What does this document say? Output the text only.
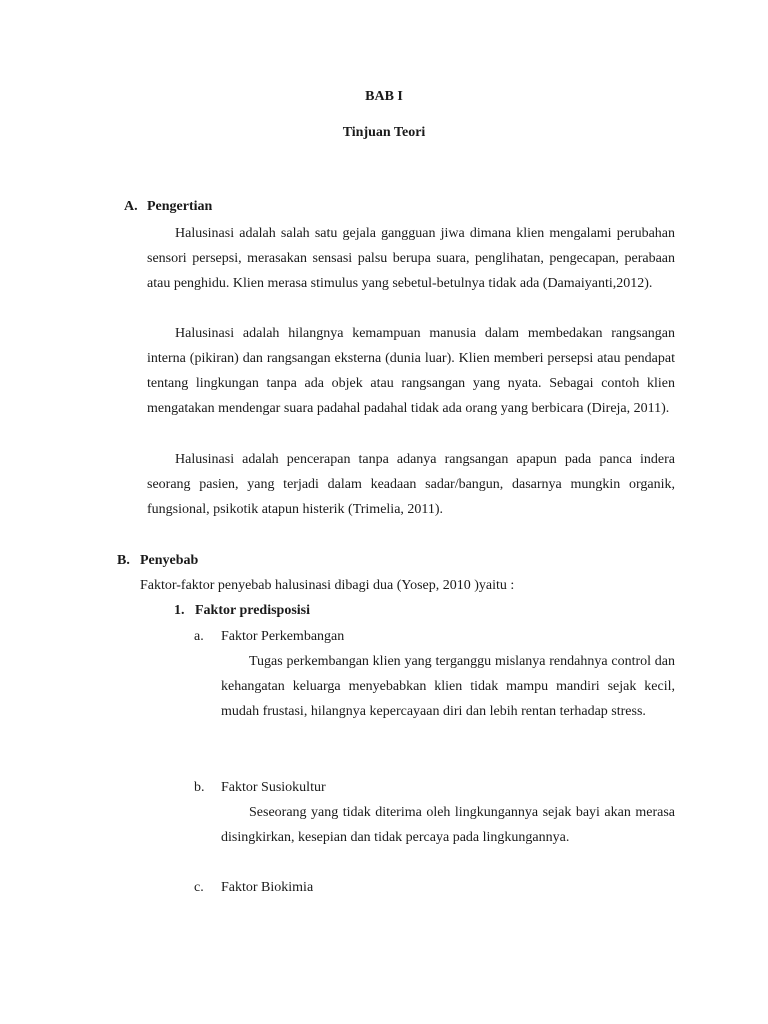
BAB I
Tinjuan Teori
A. Pengertian

Halusinasi adalah salah satu gejala gangguan jiwa dimana klien mengalami perubahan sensori persepsi, merasakan sensasi palsu berupa suara, penglihatan, pengecapan, perabaan atau penghidu. Klien merasa stimulus yang sebetul-betulnya tidak ada (Damaiyanti,2012).

Halusinasi adalah hilangnya kemampuan manusia dalam membedakan rangsangan interna (pikiran) dan rangsangan eksterna (dunia luar). Klien memberi persepsi atau pendapat tentang lingkungan tanpa ada objek atau rangsangan yang nyata. Sebagai contoh klien mengatakan mendengar suara padahal padahal tidak ada orang yang berbicara (Direja, 2011).

Halusinasi adalah pencerapan tanpa adanya rangsangan apapun pada panca indera seorang pasien, yang terjadi dalam keadaan sadar/bangun, dasarnya mungkin organik, fungsional, psikotik atapun histerik (Trimelia, 2011).

B. Penyebab
Faktor-faktor penyebab halusinasi dibagi dua (Yosep, 2010 )yaitu :
1. Faktor predisposisi
a. Faktor Perkembangan

Tugas perkembangan klien yang terganggu mislanya rendahnya control dan kehangatan keluarga menyebabkan klien tidak mampu mandiri sejak kecil, mudah frustasi, hilangnya kepercayaan diri dan lebih rentan terhadap stress.

b. Faktor Susiokultur

Seseorang yang tidak diterima oleh lingkungannya sejak bayi akan merasa disingkirkan, kesepian dan tidak percaya pada lingkungannya.

c. Faktor Biokimia
